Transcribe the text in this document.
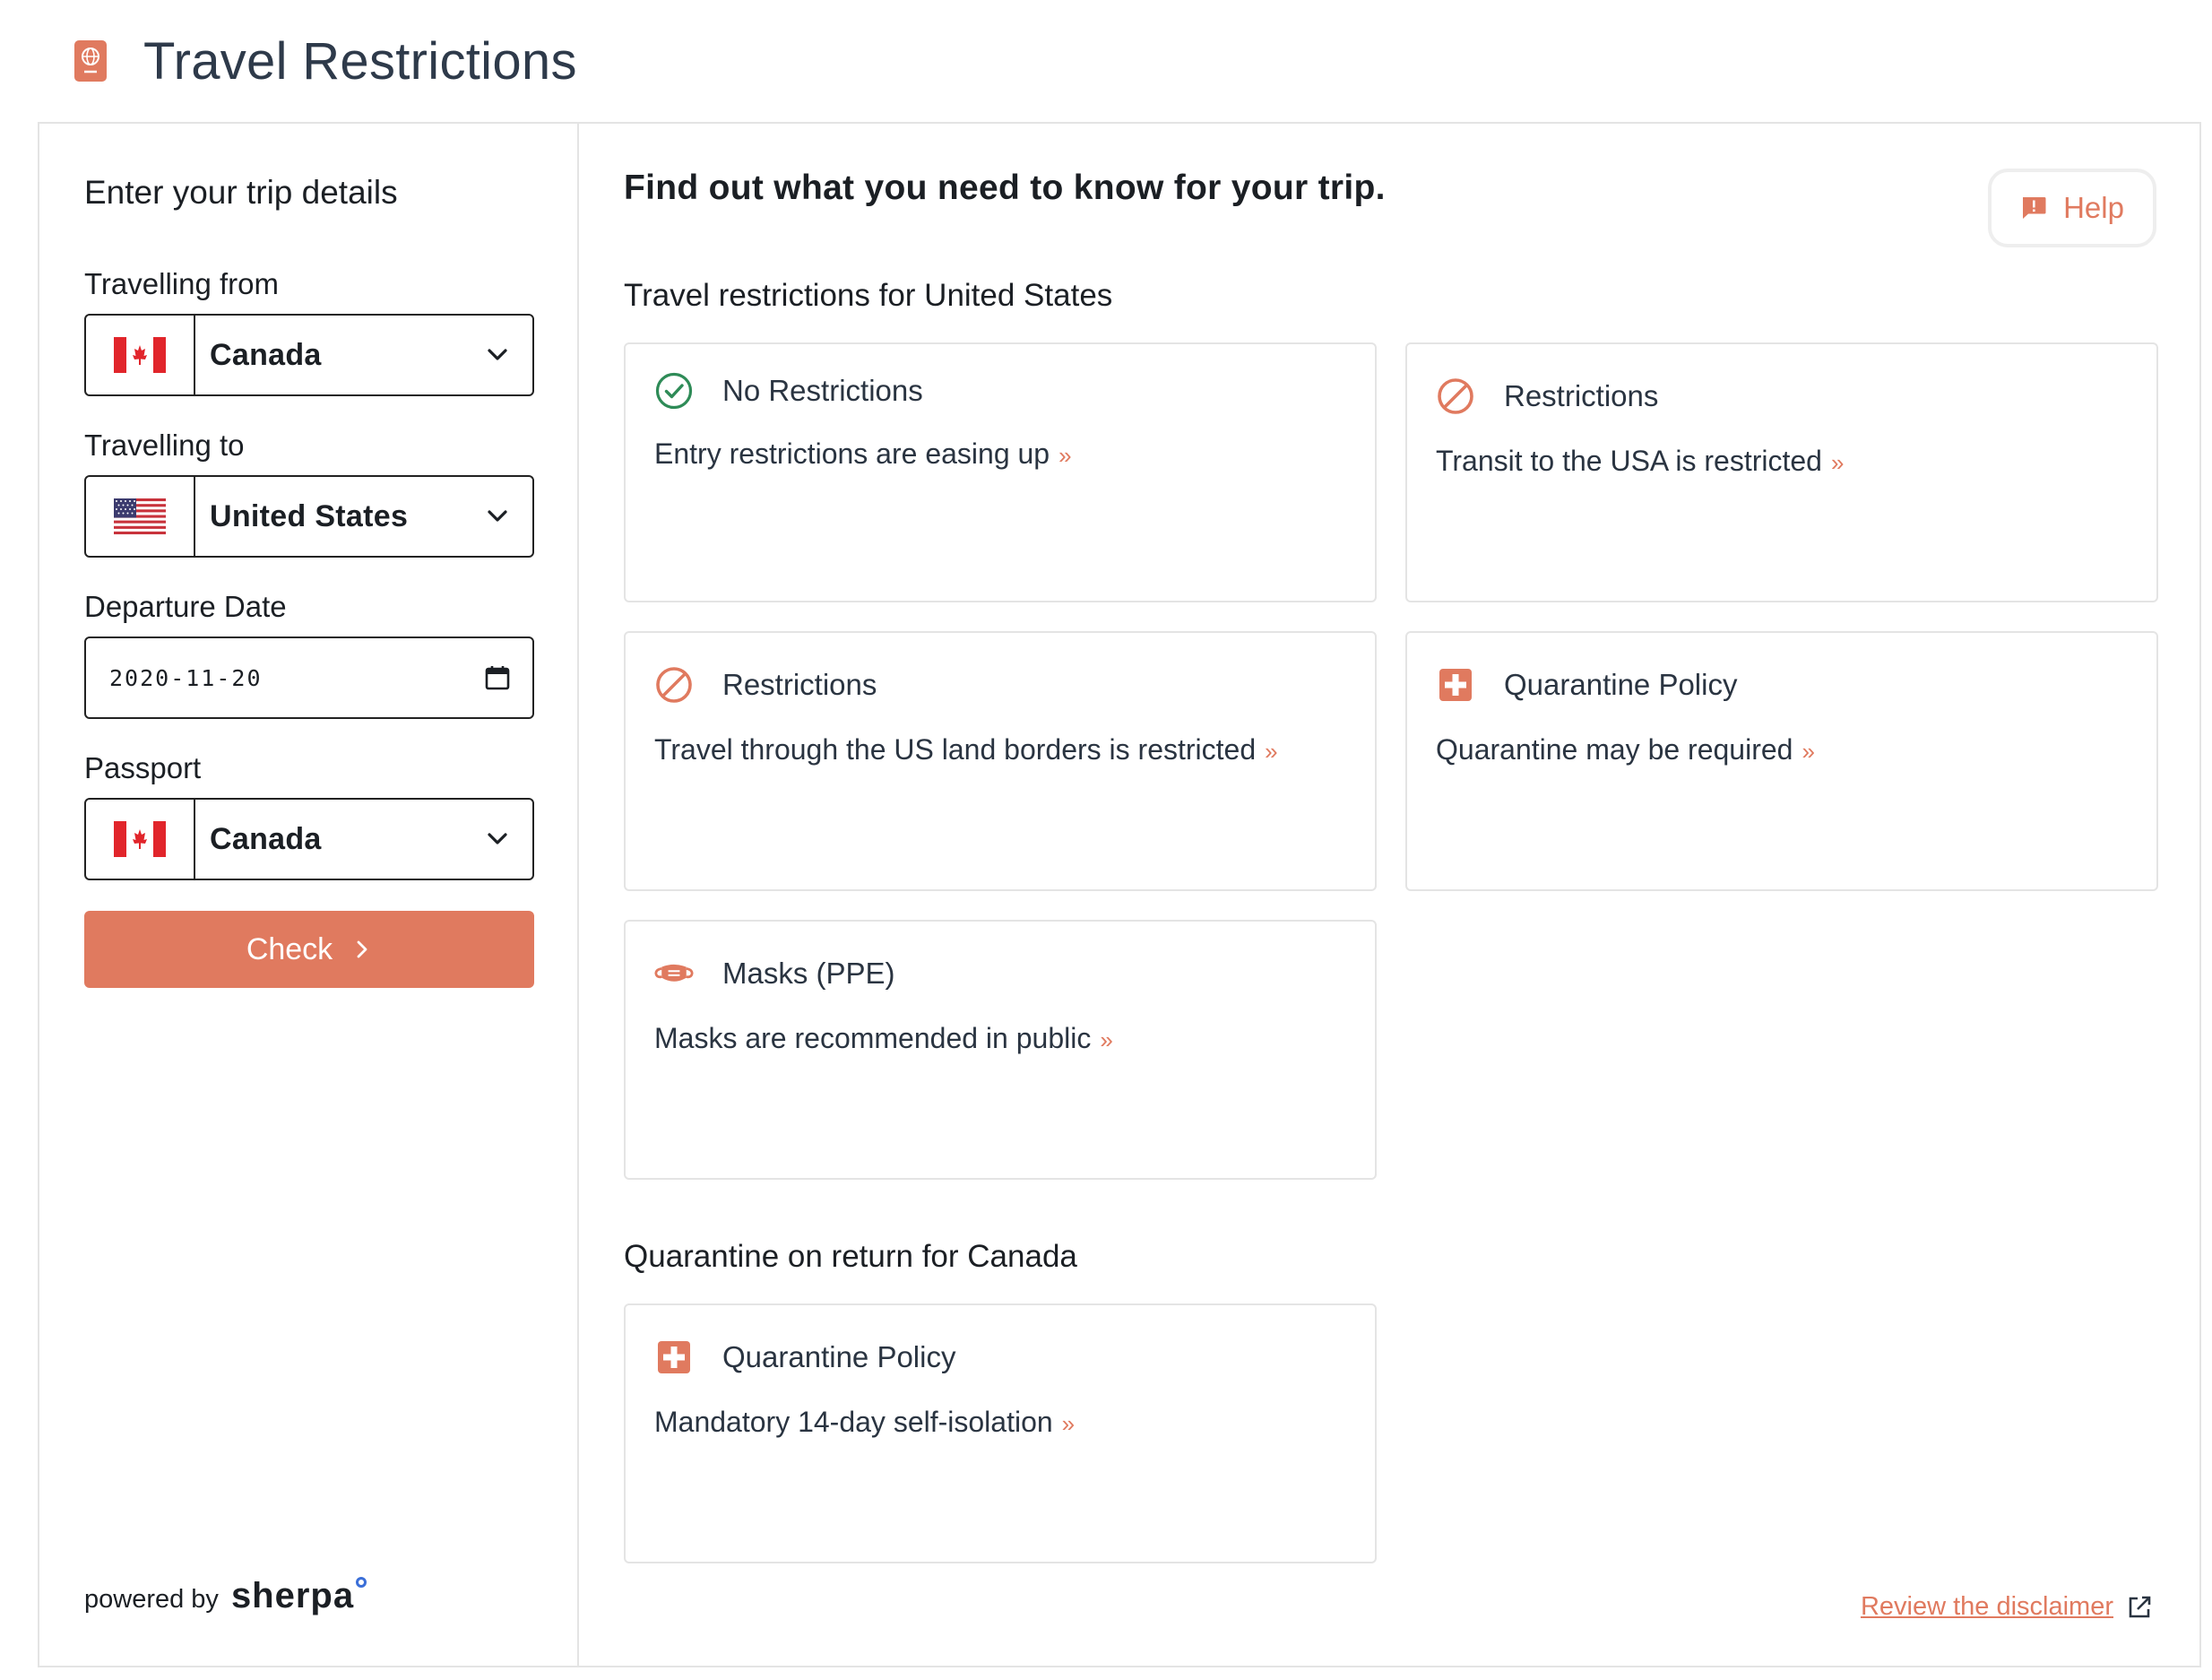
Travel Restrictions
Enter your trip details
Travelling from
Canada
Travelling to
United States
Departure Date
2020-11-20
Passport
Canada
Check
powered by sherpa
Find out what you need to know for your trip.
Help
Travel restrictions for United States
No Restrictions
Entry restrictions are easing up »
Restrictions
Transit to the USA is restricted »
Restrictions
Travel through the US land borders is restricted »
Quarantine Policy
Quarantine may be required »
Masks (PPE)
Masks are recommended in public »
Quarantine on return for Canada
Quarantine Policy
Mandatory 14-day self-isolation »
Review the disclaimer
